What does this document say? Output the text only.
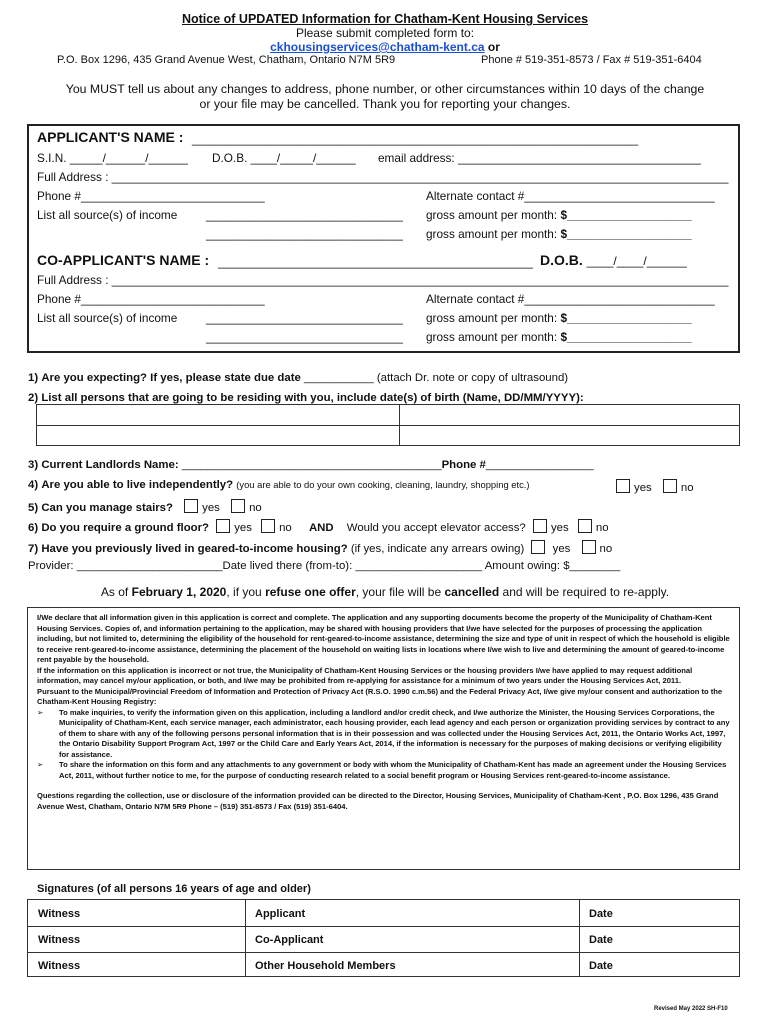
Notice of UPDATED Information for Chatham-Kent Housing Services
Please submit completed form to:
ckhousingservices@chatham-kent.ca or
P.O. Box 1296, 435 Grand Avenue West, Chatham, Ontario N7M 5R9	Phone # 519-351-8573 / Fax # 519-351-6404
You MUST tell us about any changes to address, phone number, or other circumstances within 10 days of the change
or your file may be cancelled. Thank you for reporting your changes.
APPLICANT'S NAME : ____________________________________________________________________
S.I.N. _____/______/______ D.O.B. ____/_____/______ email address: _____________________________________
Full Address : ______________________________________________________________________________________________
Phone #____________________________	Alternate contact #_____________________________
List all source(s) of income ______________________________ gross amount per month: $___________________
______________________________ gross amount per month: $___________________
CO-APPLICANT'S NAME : ________________________________________________ D.O.B. ____/____/______
Full Address : ______________________________________________________________________________________________
Phone #____________________________	Alternate contact #_____________________________
List all source(s) of income ______________________________ gross amount per month: $___________________
______________________________ gross amount per month: $___________________
1) Are you expecting? If yes, please state due date ___________ (attach Dr. note or copy of ultrasound)
2) List all persons that are going to be residing with you, include date(s) of birth (Name, DD/MM/YYYY):
3) Current Landlords Name: _________________________________________Phone #_________________
4) Are you able to live independently? (you are able to do your own cooking, cleaning, laundry, shopping etc.)	yes	no
5) Can you manage stairs?	yes	no
6) Do you require a ground floor? yes no AND Would you accept elevator access? yes no
7) Have you previously lived in geared-to-income housing? (if yes, indicate any arrears owing) yes	no
Provider: _______________________Date lived there (from-to): ____________________ Amount owing: $________
As of February 1, 2020, if you refuse one offer, your file will be cancelled and will be required to re-apply.

I/We declare that all information given in this application is correct and complete. The application and any supporting documents become the property of the Municipality of Chatham-Kent Housing Services. Copies of, and information pertaining to the application, may be shared with housing providers that I/we have selected for the purposes of processing the application including, but not limited to, determining the eligibility of the household for rent-geared-to-income assistance, determining the size and type of unit in respect of which the household is eligible to receive rent-geared-to-income assistance, determining the placement of the household on waiting lists in locations where I/we wish to live and determining the amount of geared-to-income rent payable by the household.

If the information on this application is incorrect or not true, the Municipality of Chatham-Kent Housing Services or the housing providers I/we have applied to may request additional information, may cancel my/our application, or both, and I/we may be prohibited from re-applying for assistance for a minimum of two years under the Housing Services Act, 2011.

Pursuant to the Municipal/Provincial Freedom of Information and Protection of Privacy Act (R.S.O. 1990 c.m.56) and the Federal Privacy Act, I/we give my/our consent and authorization to the Chatham-Kent Housing Registry:

➢	To make inquiries, to verify the information given on this application, including a landlord and/or credit check, and I/we authorize the Minister, the Housing Services Corporations, the Municipality of Chatham-Kent, each service manager, each administrator, each housing provider, each lead agency and each person or organization providing services by contract to any of them to share with any of the following persons personal information that is in their possession and was collected under the Housing Services Act, 2011, the Ontario Works Act, 1997, the Ontario Disability Support Program Act, 1997 or the Child Care and Early Years Act, 2014, if the information is necessary for the purposes of making decisions or verifying eligibility for assistance.
➢	To share the information on this form and any attachments to any government or body with whom the Municipality of Chatham-Kent has made an agreement under the Housing Services Act, 2011, without further notice to me, for the purpose of conducting research related to a social benefit program or Housing Services rent-geared-to-income assistance.

Questions regarding the collection, use or disclosure of the information provided can be directed to the Director, Housing Services, Municipality of Chatham-Kent , P.O. Box 1296, 435 Grand Avenue West, Chatham, Ontario N7M 5R9 Phone – (519) 351-8573 / Fax (519) 351-6404.

Signatures (of all persons 16 years of age and older)
Witness	Applicant	Date
Witness	Co-Applicant	Date
Witness	Other Household Members	Date
Revised May 2022 SH-F10
